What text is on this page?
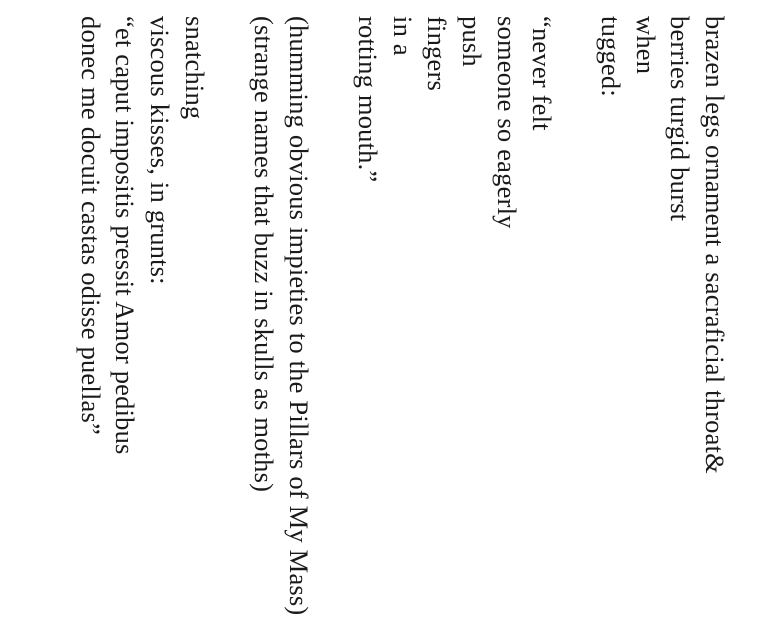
brazen legs ornament a sacraficial throat&
berries turgid burst
when
tugged:
“never felt
someone so eagerly
push
fingers
in a
rotting mouth.”
(humming obvious impieties to the Pillars of My Mass)
(strange names that buzz in skulls as moths)
snatching
viscous kisses, in grunts:
“et caput impositis pressit Amor pedibus
donec me docuit castas odisse puellas”
